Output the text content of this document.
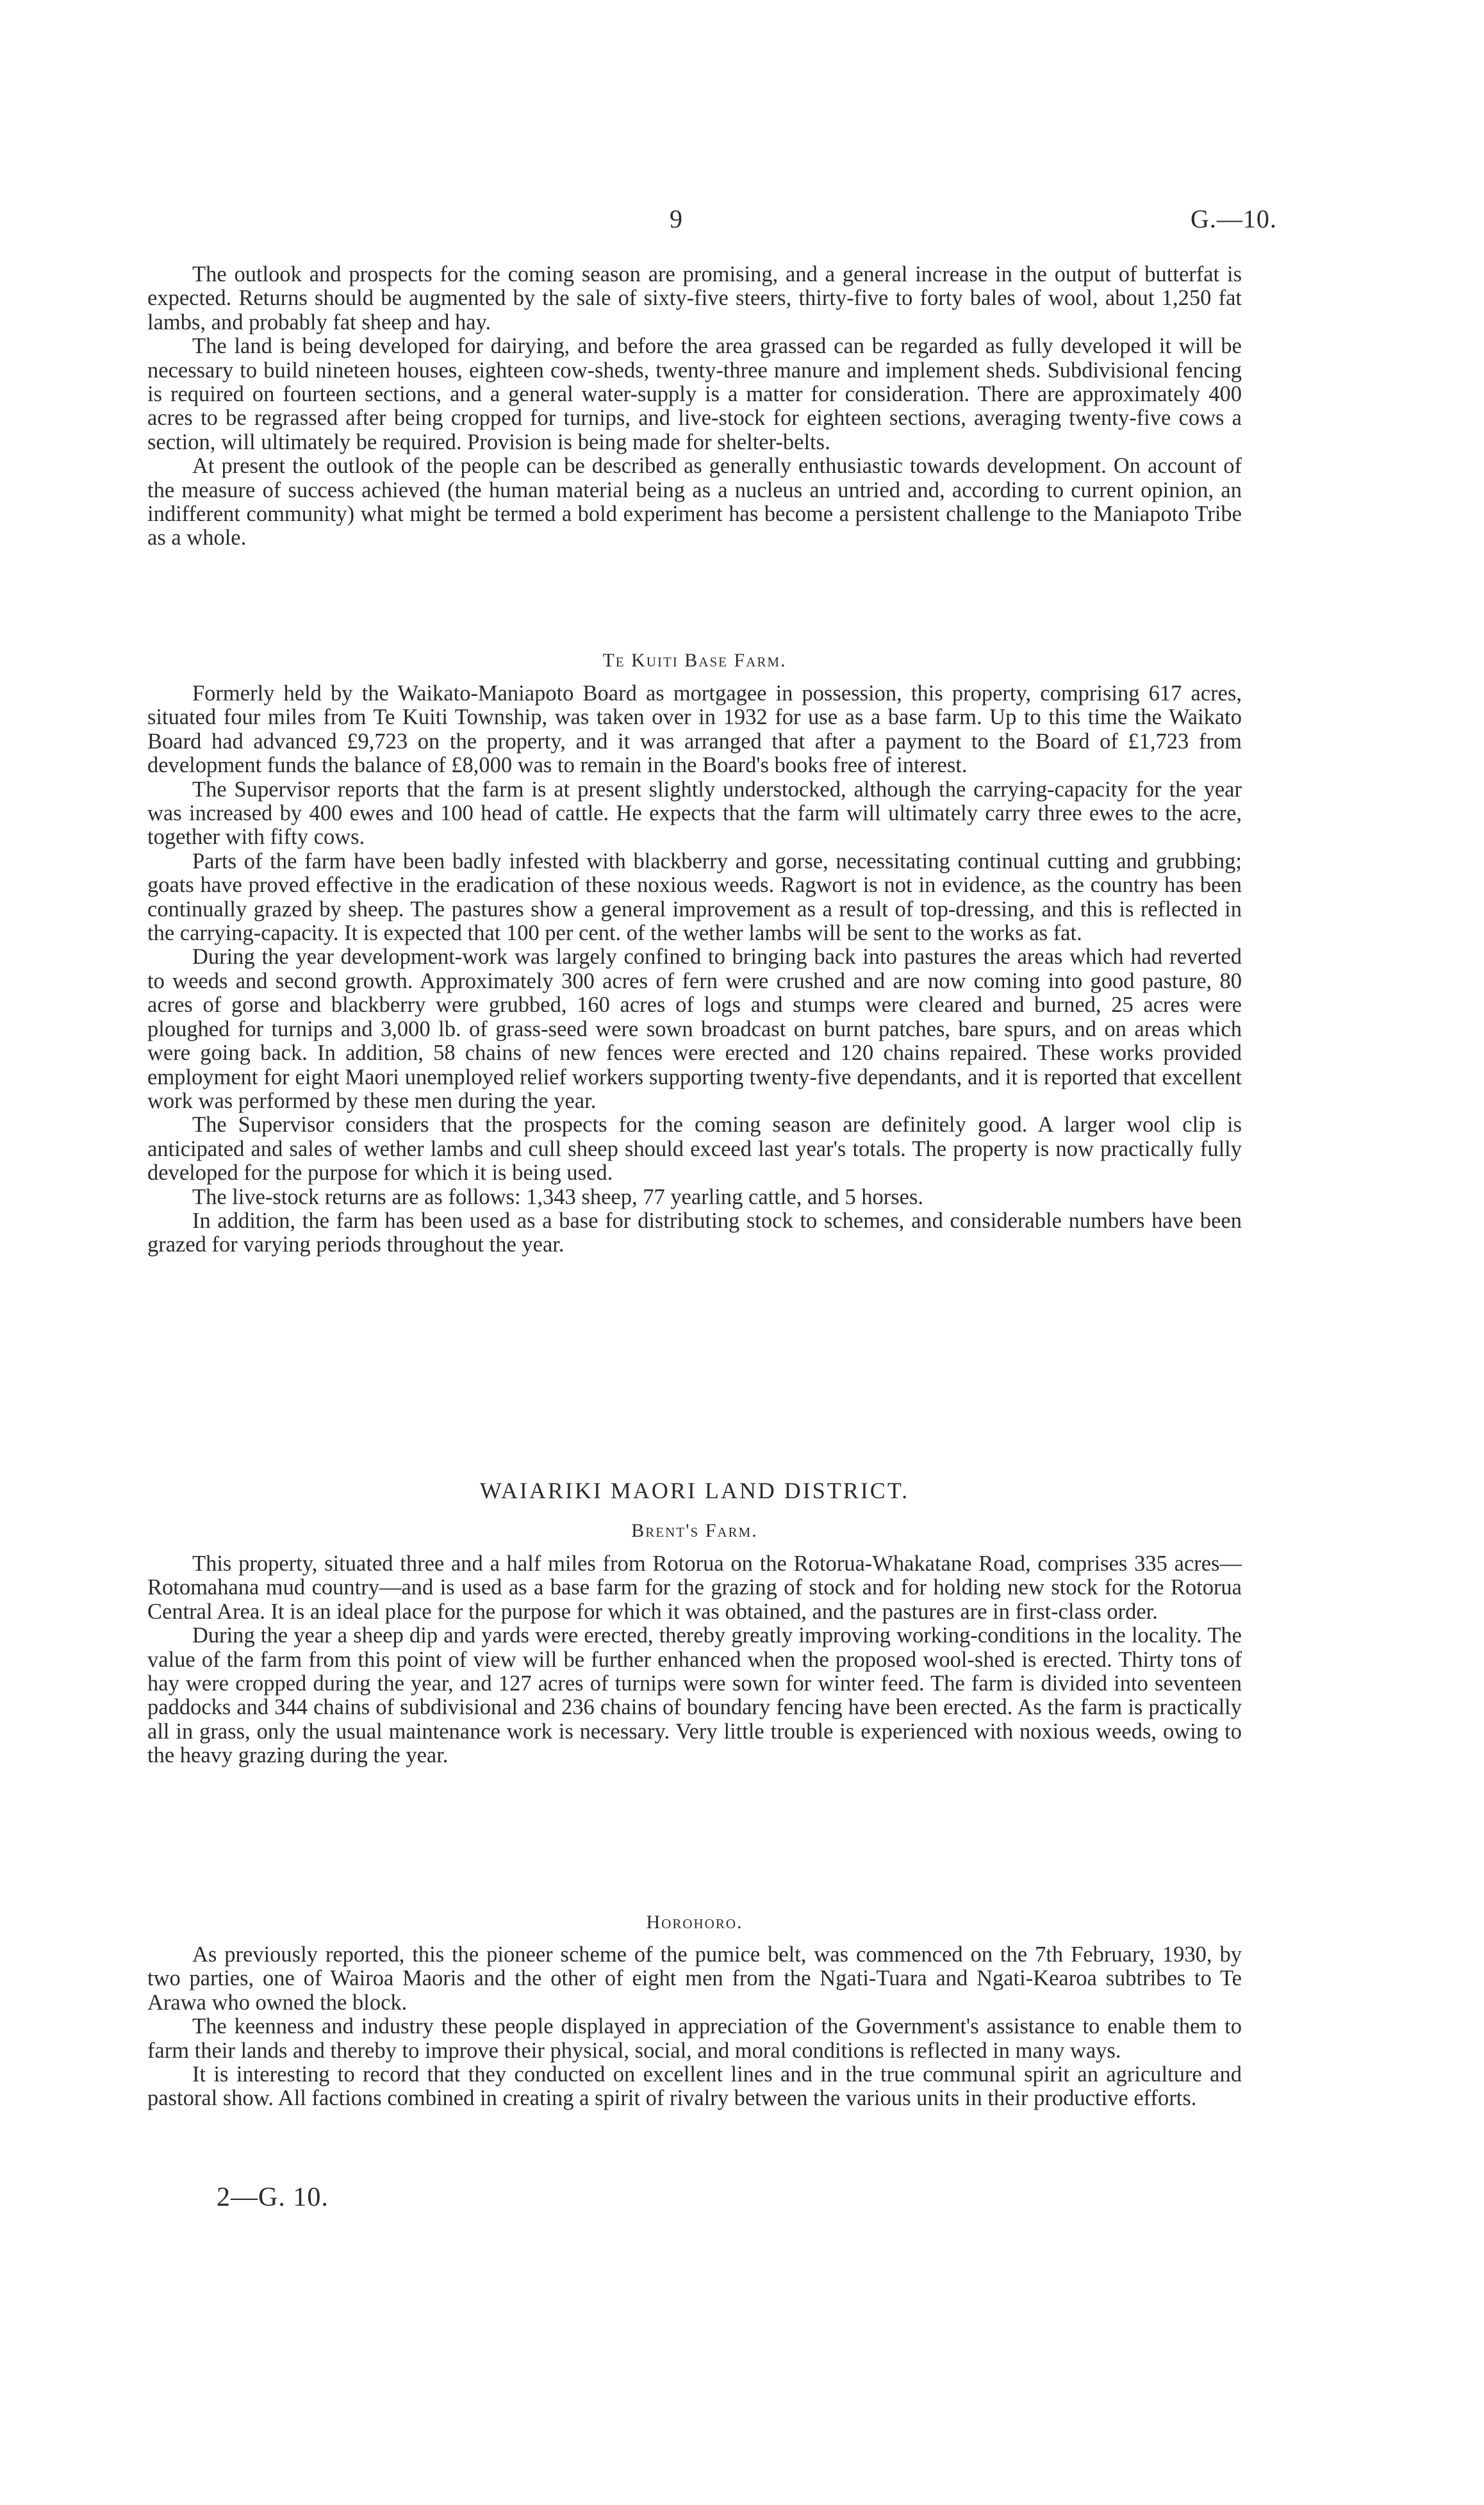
9	G.—10.

The outlook and prospects for the coming season are promising, and a general increase in the output of butterfat is expected. Returns should be augmented by the sale of sixty-five steers, thirty-five to forty bales of wool, about 1,250 fat lambs, and probably fat sheep and hay.

The land is being developed for dairying, and before the area grassed can be regarded as fully developed it will be necessary to build nineteen houses, eighteen cow-sheds, twenty-three manure and implement sheds. Subdivisional fencing is required on fourteen sections, and a general water-supply is a matter for consideration. There are approximately 400 acres to be regrassed after being cropped for turnips, and live-stock for eighteen sections, averaging twenty-five cows a section, will ultimately be required. Provision is being made for shelter-belts.

At present the outlook of the people can be described as generally enthusiastic towards development. On account of the measure of success achieved (the human material being as a nucleus an untried and, according to current opinion, an indifferent community) what might be termed a bold experiment has become a persistent challenge to the Maniapoto Tribe as a whole.

Te Kuiti Base Farm.

Formerly held by the Waikato-Maniapoto Board as mortgagee in possession, this property, comprising 617 acres, situated four miles from Te Kuiti Township, was taken over in 1932 for use as a base farm. Up to this time the Waikato Board had advanced £9,723 on the property, and it was arranged that after a payment to the Board of £1,723 from development funds the balance of £8,000 was to remain in the Board's books free of interest.

The Supervisor reports that the farm is at present slightly understocked, although the carrying-capacity for the year was increased by 400 ewes and 100 head of cattle. He expects that the farm will ultimately carry three ewes to the acre, together with fifty cows.

Parts of the farm have been badly infested with blackberry and gorse, necessitating continual cutting and grubbing; goats have proved effective in the eradication of these noxious weeds. Ragwort is not in evidence, as the country has been continually grazed by sheep. The pastures show a general improvement as a result of top-dressing, and this is reflected in the carrying-capacity. It is expected that 100 per cent. of the wether lambs will be sent to the works as fat.

During the year development-work was largely confined to bringing back into pastures the areas which had reverted to weeds and second growth. Approximately 300 acres of fern were crushed and are now coming into good pasture, 80 acres of gorse and blackberry were grubbed, 160 acres of logs and stumps were cleared and burned, 25 acres were ploughed for turnips and 3,000 lb. of grass-seed were sown broadcast on burnt patches, bare spurs, and on areas which were going back. In addition, 58 chains of new fences were erected and 120 chains repaired. These works provided employment for eight Maori unemployed relief workers supporting twenty-five dependants, and it is reported that excellent work was performed by these men during the year.

The Supervisor considers that the prospects for the coming season are definitely good. A larger wool clip is anticipated and sales of wether lambs and cull sheep should exceed last year's totals. The property is now practically fully developed for the purpose for which it is being used.

The live-stock returns are as follows: 1,343 sheep, 77 yearling cattle, and 5 horses.

In addition, the farm has been used as a base for distributing stock to schemes, and considerable numbers have been grazed for varying periods throughout the year.

WAIARIKI MAORI LAND DISTRICT.
Brent's Farm.

This property, situated three and a half miles from Rotorua on the Rotorua-Whakatane Road, comprises 335 acres—Rotomahana mud country—and is used as a base farm for the grazing of stock and for holding new stock for the Rotorua Central Area. It is an ideal place for the purpose for which it was obtained, and the pastures are in first-class order.

During the year a sheep dip and yards were erected, thereby greatly improving working-conditions in the locality. The value of the farm from this point of view will be further enhanced when the proposed wool-shed is erected. Thirty tons of hay were cropped during the year, and 127 acres of turnips were sown for winter feed. The farm is divided into seventeen paddocks and 344 chains of subdivisional and 236 chains of boundary fencing have been erected. As the farm is practically all in grass, only the usual maintenance work is necessary. Very little trouble is experienced with noxious weeds, owing to the heavy grazing during the year.

Horohoro.

As previously reported, this the pioneer scheme of the pumice belt, was commenced on the 7th February, 1930, by two parties, one of Wairoa Maoris and the other of eight men from the Ngati-Tuara and Ngati-Kearoa subtribes to Te Arawa who owned the block.

The keenness and industry these people displayed in appreciation of the Government's assistance to enable them to farm their lands and thereby to improve their physical, social, and moral conditions is reflected in many ways.

It is interesting to record that they conducted on excellent lines and in the true communal spirit an agriculture and pastoral show. All factions combined in creating a spirit of rivalry between the various units in their productive efforts.

2—G. 10.
